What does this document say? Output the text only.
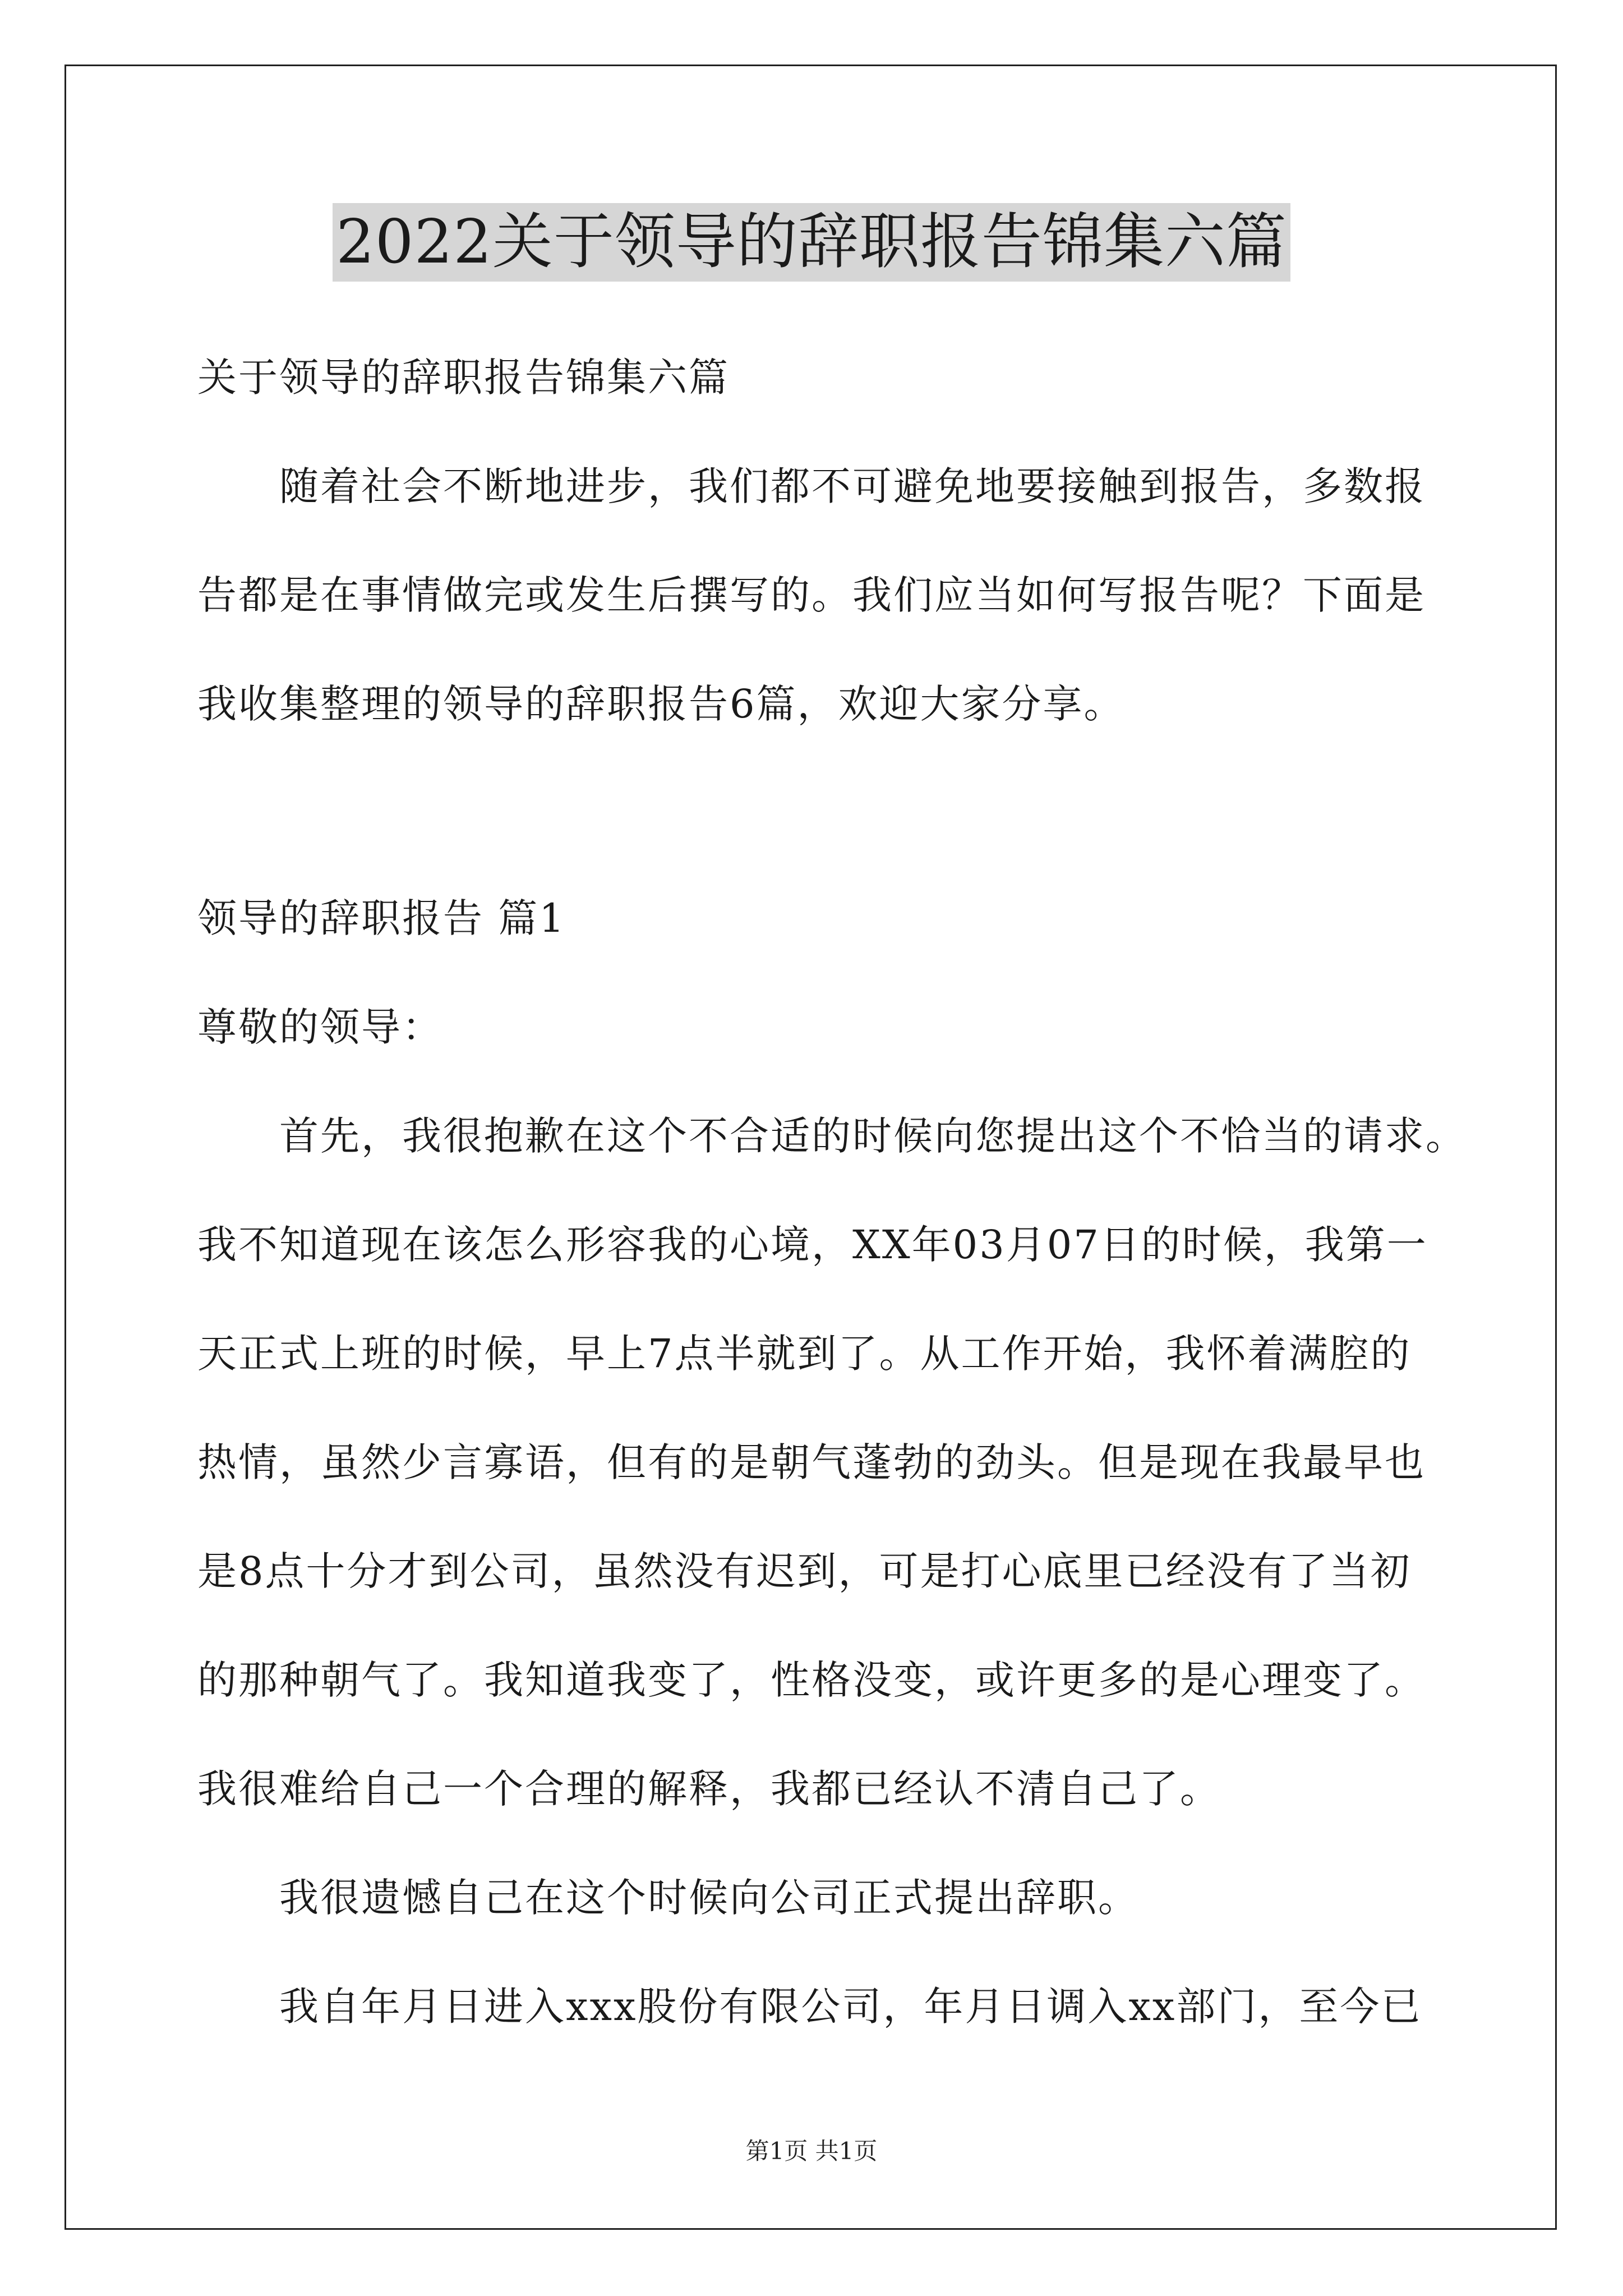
2022关于领导的辞职报告锦集六篇
关于领导的辞职报告锦集六篇
随着社会不断地进步，我们都不可避免地要接触到报告，多数报
告都是在事情做完或发生后撰写的。我们应当如何写报告呢？下面是
我收集整理的领导的辞职报告6篇，欢迎大家分享。
领导的辞职报告 篇1
尊敬的领导：
首先，我很抱歉在这个不合适的时候向您提出这个不恰当的请求。
我不知道现在该怎么形容我的心境，XX年03月07日的时候，我第一
天正式上班的时候，早上7点半就到了。从工作开始，我怀着满腔的
热情，虽然少言寡语，但有的是朝气蓬勃的劲头。但是现在我最早也
是8点十分才到公司，虽然没有迟到，可是打心底里已经没有了当初
的那种朝气了。我知道我变了，性格没变，或许更多的是心理变了。
我很难给自己一个合理的解释，我都已经认不清自己了。
我很遗憾自己在这个时候向公司正式提出辞职。
我自年月日进入xxx股份有限公司，年月日调入xx部门，至今已
第1页 共1页
